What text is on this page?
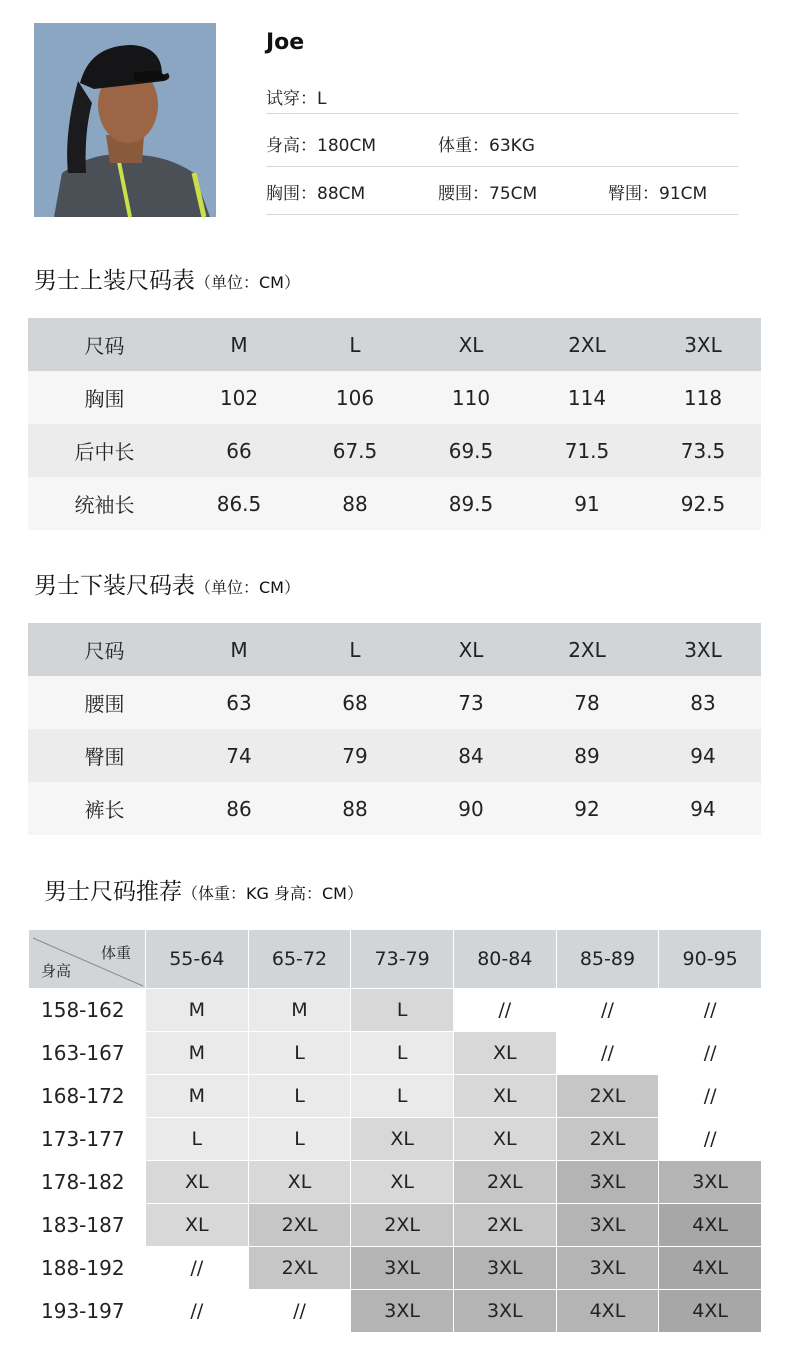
Joe
试穿：L
身高：180CM	体重：63KG
胸围：88CM	腰围：75CM	臀围：91CM
男士上装尺码表（单位：CM）
尺码	M	L	XL	2XL	3XL
胸围	102	106	110	114	118
后中长	66	67.5	69.5	71.5	73.5
统袖长	86.5	88	89.5	91	92.5
男士下装尺码表（单位：CM）
尺码	M	L	XL	2XL	3XL
腰围	63	68	73	78	83
臀围	74	79	84	89	94
裤长	86	88	90	92	94
男士尺码推荐（体重：KG 身高：CM）
体重
身高	55-64	65-72	73-79	80-84	85-89	90-95
158-162	M	M	L	//	//	//
163-167	M	L	L	XL	//	//
168-172	M	L	L	XL	2XL	//
173-177	L	L	XL	XL	2XL	//
178-182	XL	XL	XL	2XL	3XL	3XL
183-187	XL	2XL	2XL	2XL	3XL	4XL
188-192	//	2XL	3XL	3XL	3XL	4XL
193-197	//	//	3XL	3XL	4XL	4XL
